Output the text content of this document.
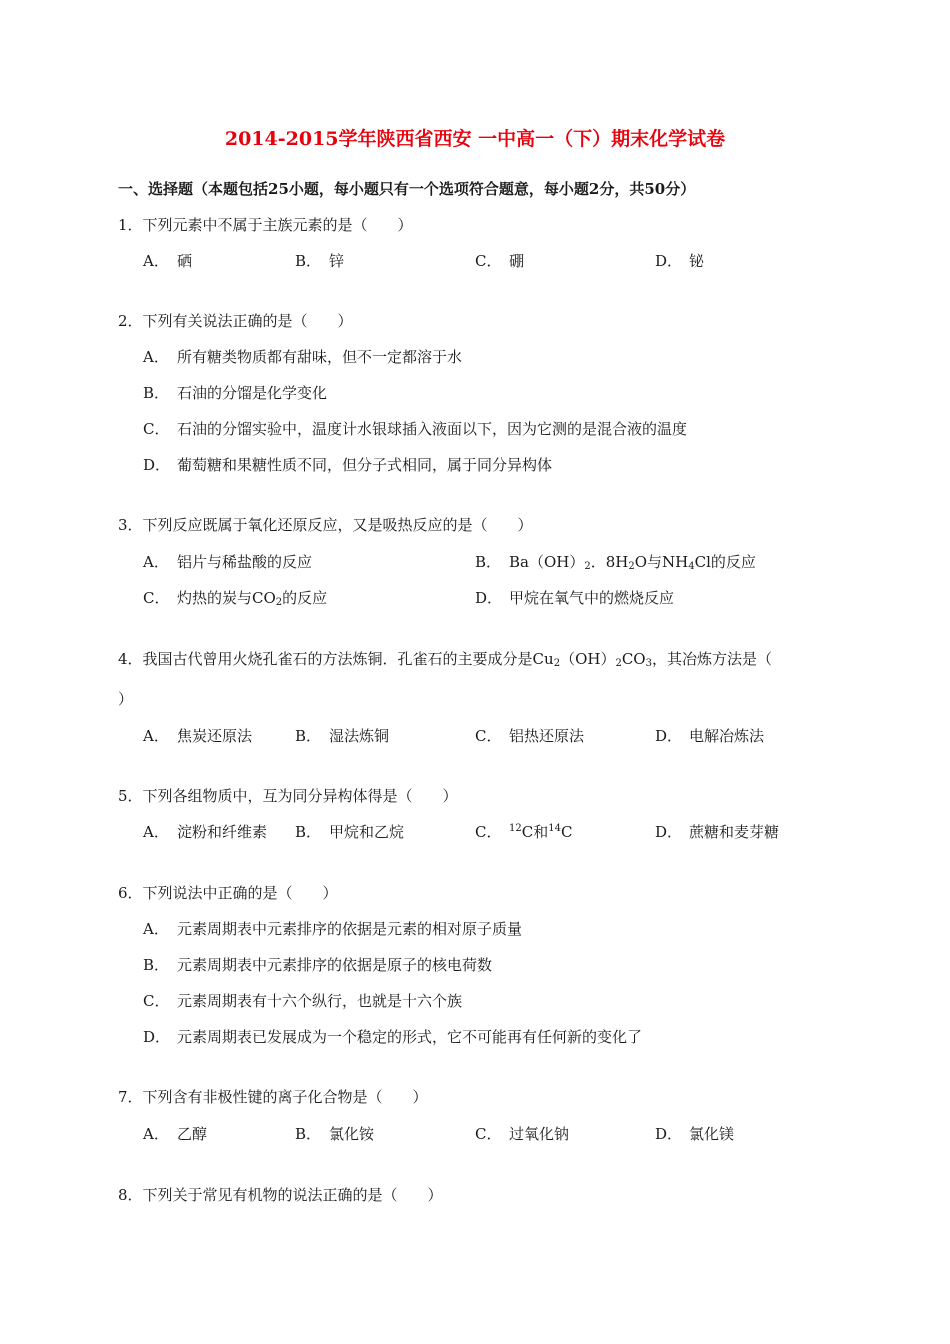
2014-2015学年陕西省西安 一中高一（下）期末化学试卷
一、选择题（本题包括25小题，每小题只有一个选项符合题意，每小题2分，共50分）
1．下列元素中不属于主族元素的是（　　）
A． 硒	B． 锌	C． 硼	D． 铋
2．下列有关说法正确的是（　　）
A． 所有糖类物质都有甜味，但不一定都溶于水
B． 石油的分馏是化学变化
C． 石油的分馏实验中，温度计水银球插入液面以下，因为它测的是混合液的温度
D． 葡萄糖和果糖性质不同，但分子式相同，属于同分异构体
3．下列反应既属于氧化还原反应，又是吸热反应的是（　　）
A． 铝片与稀盐酸的反应	B． $Ba(OH)_2$．$8H_2O$与$NH_4Cl$的反应
C． 灼热的炭与$CO_2$的反应	D． 甲烷在氧气中的燃烧反应
4．我国古代曾用火烧孔雀石的方法炼铜．孔雀石的主要成分是$Cu_2(OH)_2CO_3$，其冶炼方法是（
）
A． 焦炭还原法	B． 湿法炼铜	C． 铝热还原法	D． 电解冶炼法
5．下列各组物质中，互为同分异构体得是（　　）
A． 淀粉和纤维素 B． 甲烷和乙烷	C． $^{12}$C和$^{14}$C	D． 蔗糖和麦芽糖
6．下列说法中正确的是（　　）
A． 元素周期表中元素排序的依据是元素的相对原子质量
B． 元素周期表中元素排序的依据是原子的核电荷数
C． 元素周期表有十六个纵行，也就是十六个族
D． 元素周期表已发展成为一个稳定的形式，它不可能再有任何新的变化了
7．下列含有非极性键的离子化合物是（　　）
A． 乙醇	B． 氯化铵	C． 过氧化钠	D． 氯化镁
8．下列关于常见有机物的说法正确的是（　　）
